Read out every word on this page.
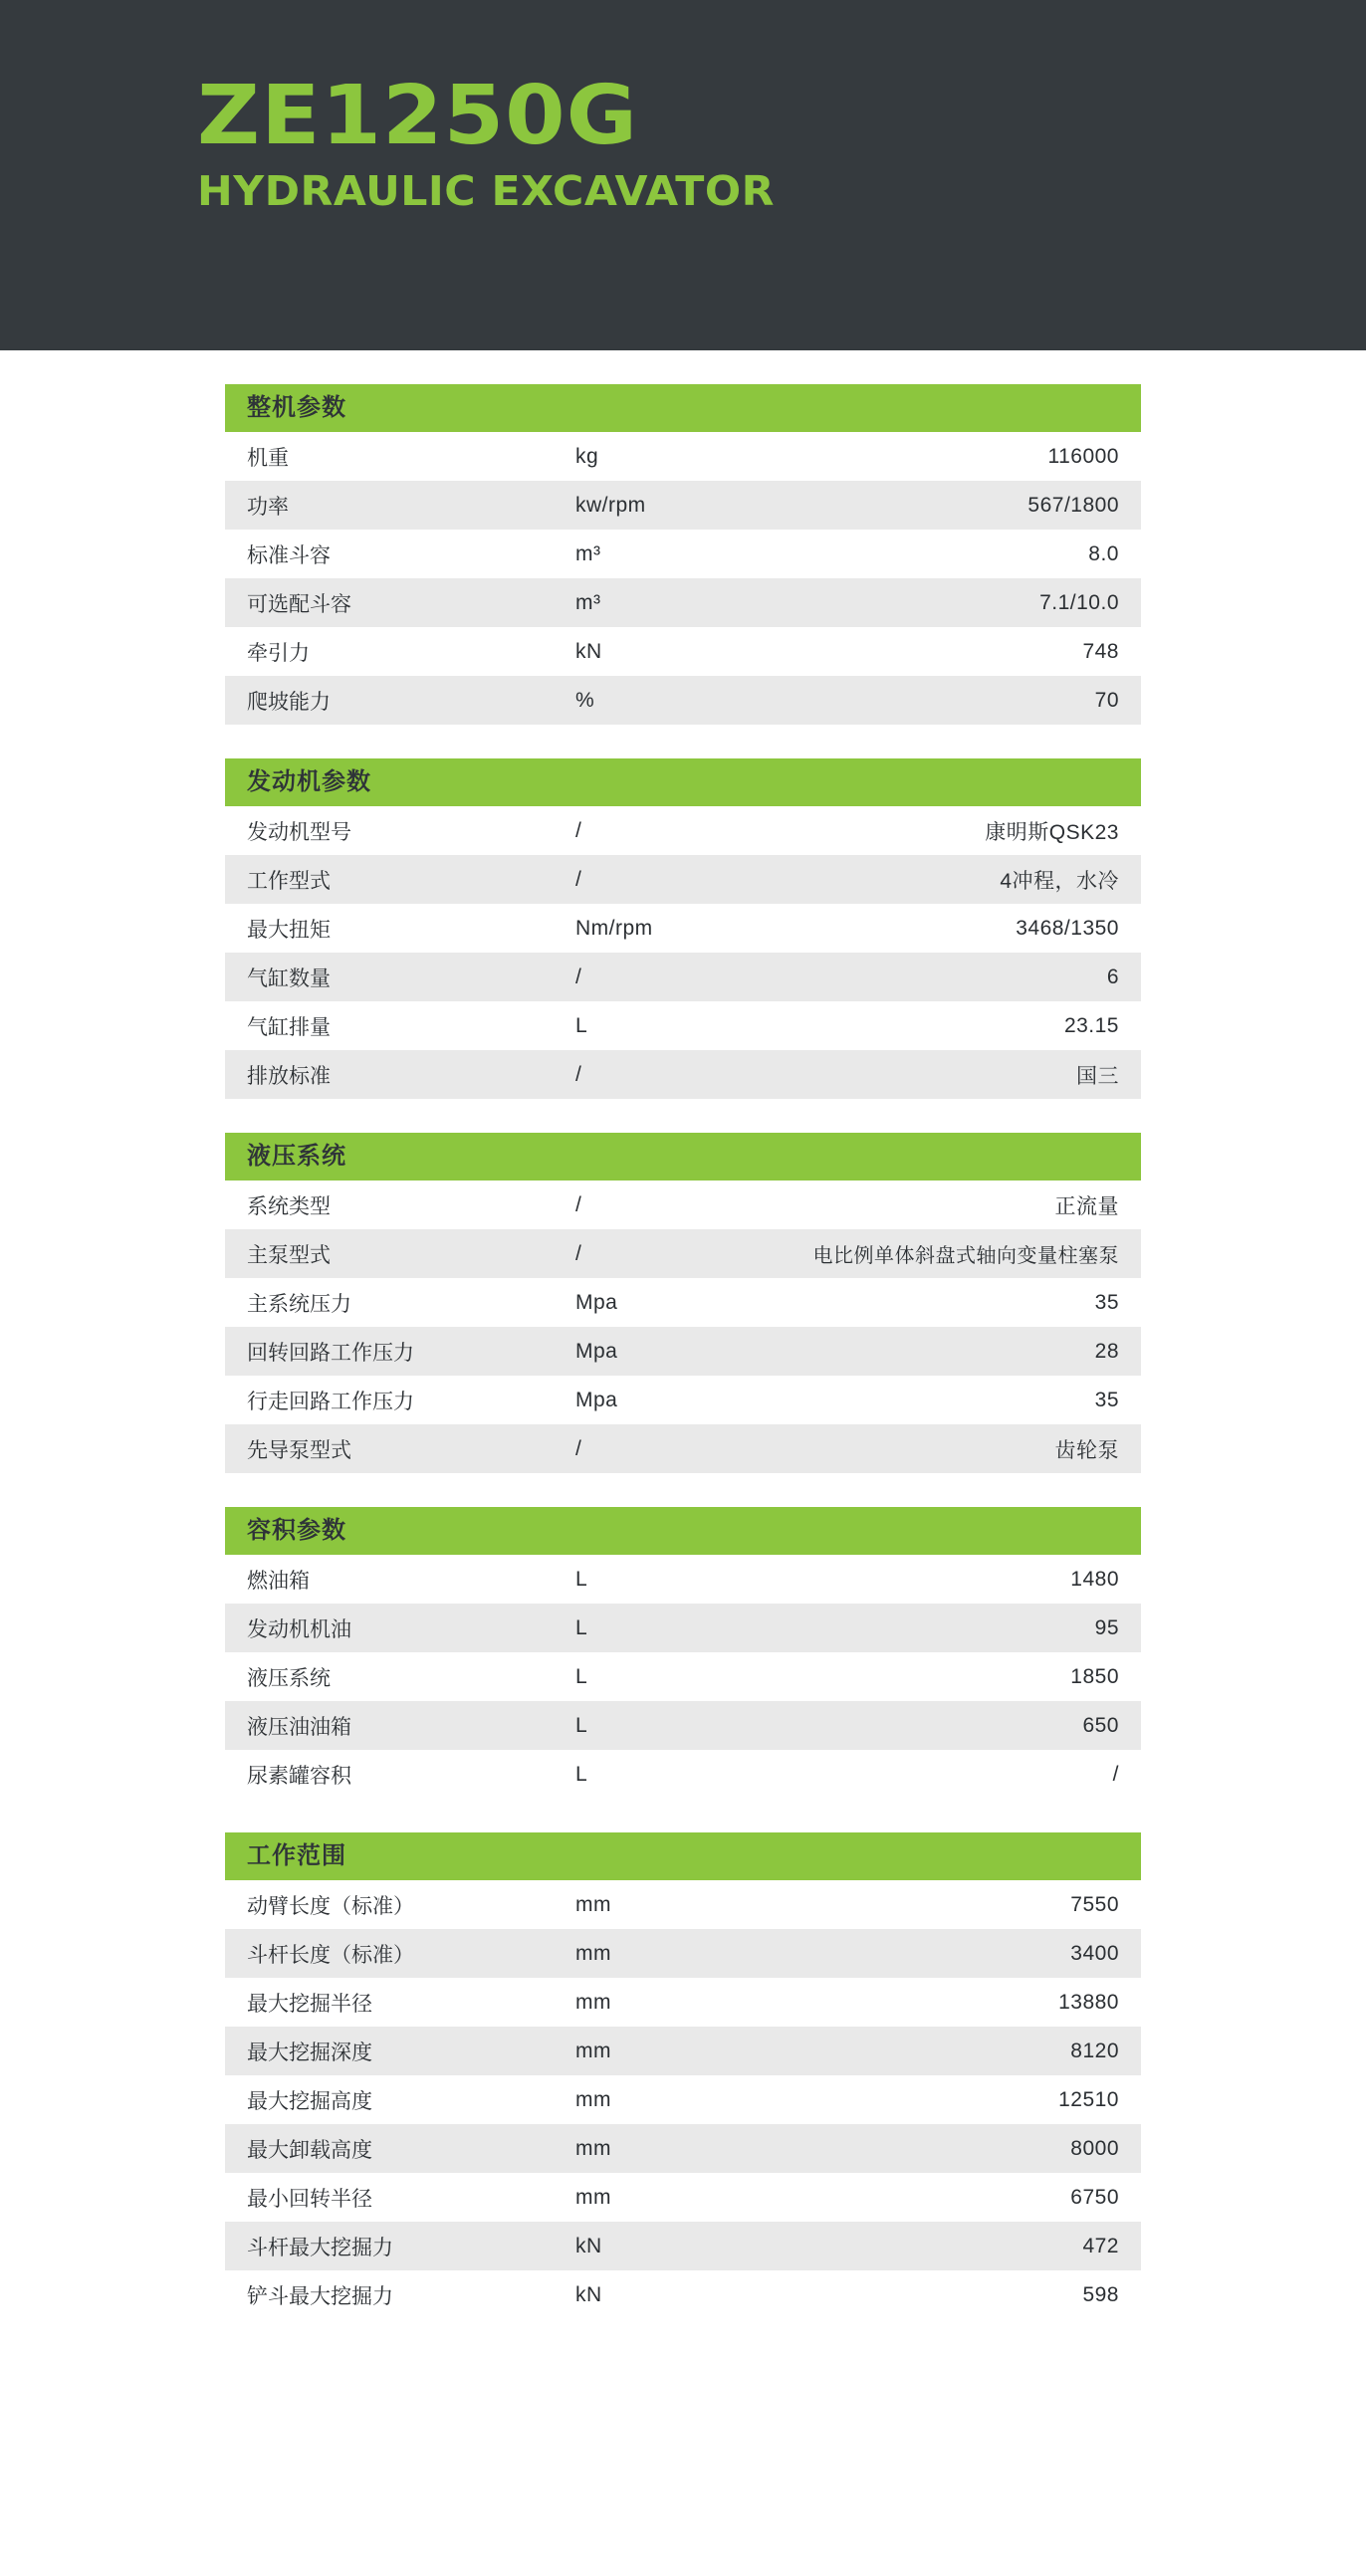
ZE1250G
HYDRAULIC EXCAVATOR
整机参数
机重	kg	116000
功率	kw/rpm	567/1800
标准斗容	m³	8.0
可选配斗容	m³	7.1/10.0
牵引力	kN	748
爬坡能力	%	70
发动机参数
发动机型号	/	康明斯QSK23
工作型式	/	4冲程，水冷
最大扭矩	Nm/rpm	3468/1350
气缸数量	/	6
气缸排量	L	23.15
排放标准	/	国三
液压系统
系统类型	/	正流量
主泵型式	/	电比例单体斜盘式轴向变量柱塞泵
主系统压力	Mpa	35
回转回路工作压力	Mpa	28
行走回路工作压力	Mpa	35
先导泵型式	/	齿轮泵
容积参数
燃油箱	L	1480
发动机机油	L	95
液压系统	L	1850
液压油油箱	L	650
尿素罐容积	L	/
工作范围
动臂长度（标准）	mm	7550
斗杆长度（标准）	mm	3400
最大挖掘半径	mm	13880
最大挖掘深度	mm	8120
最大挖掘高度	mm	12510
最大卸载高度	mm	8000
最小回转半径	mm	6750
斗杆最大挖掘力	kN	472
铲斗最大挖掘力	kN	598
